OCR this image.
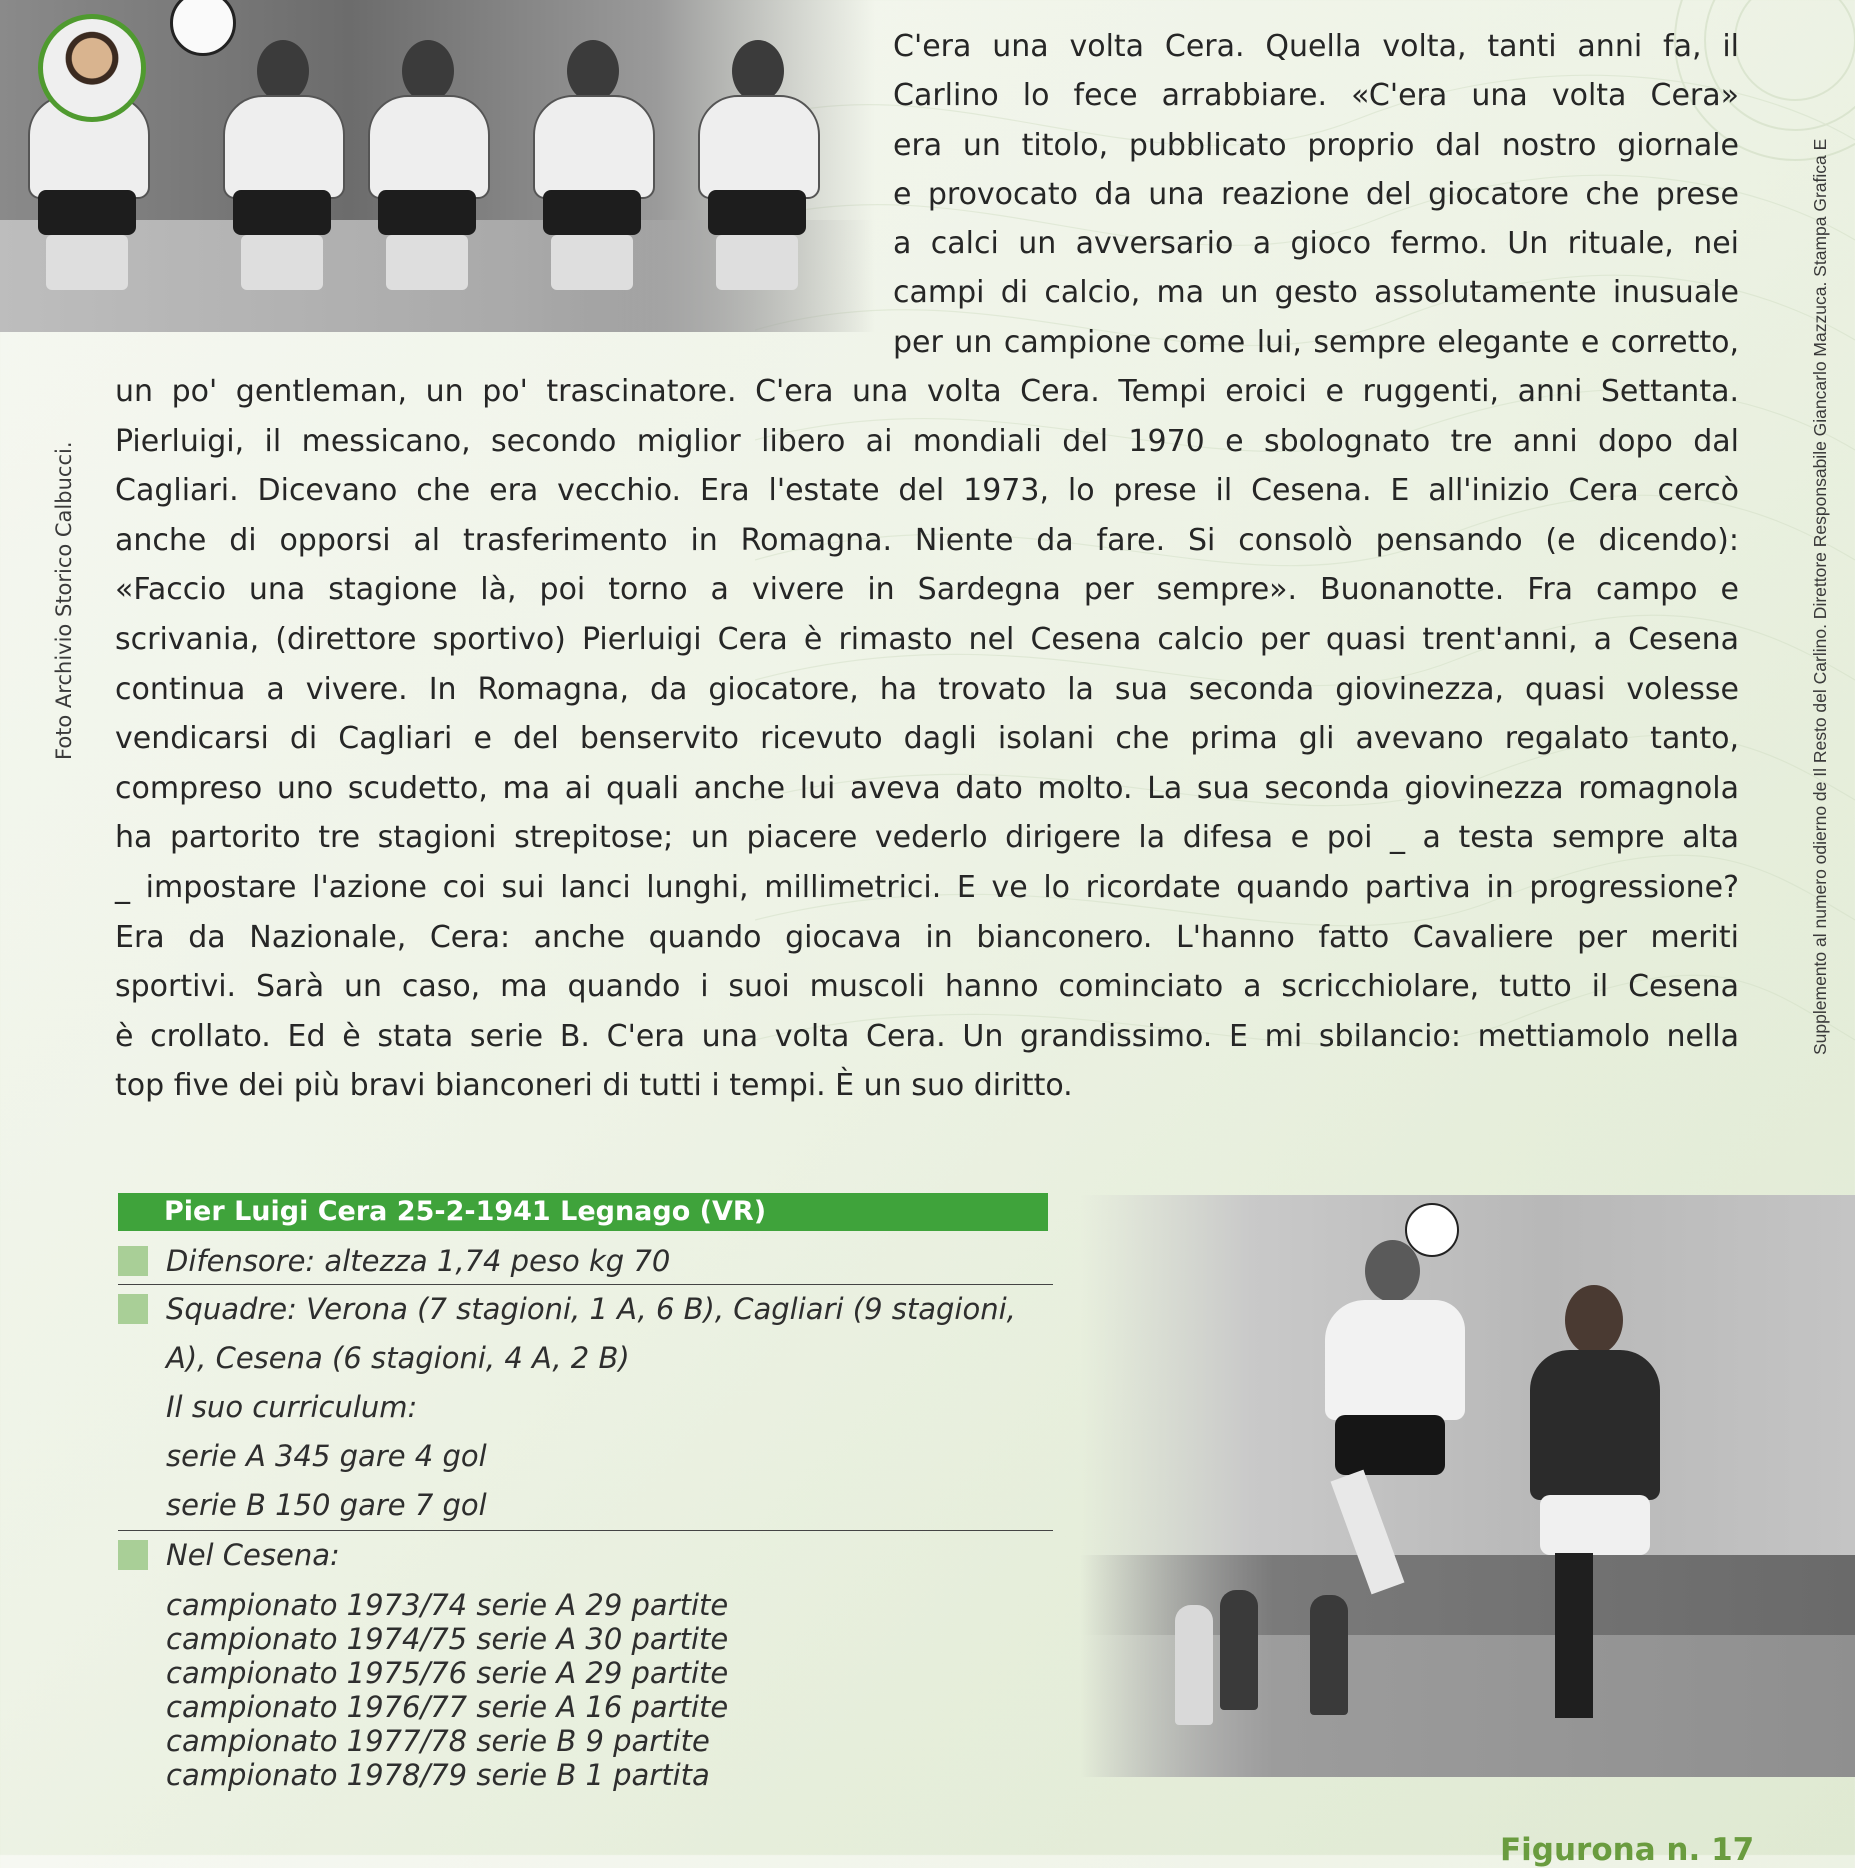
Foto Archivio Storico Calbucci.	Supplemento al numero odierno de Il Resto del Carlino. Direttore Responsabile Giancarlo Mazzuca. Stampa Grafica E

C'era una volta Cera. Quella volta, tanti anni fa, il
Carlino lo fece arrabbiare. «C'era una volta Cera»
era un titolo, pubblicato proprio dal nostro giornale
e provocato da una reazione del giocatore che prese
a calci un avversario a gioco fermo. Un rituale, nei
campi di calcio, ma un gesto assolutamente inusuale
per un campione come lui, sempre elegante e corretto,

un po' gentleman, un po' trascinatore. C'era una volta Cera. Tempi eroici e ruggenti, anni Settanta.
Pierluigi, il messicano, secondo miglior libero ai mondiali del 1970 e sbolognato tre anni dopo dal
Cagliari. Dicevano che era vecchio. Era l'estate del 1973, lo prese il Cesena. E all'inizio Cera cercò
anche di opporsi al trasferimento in Romagna. Niente da fare. Si consolò pensando (e dicendo):
«Faccio una stagione là, poi torno a vivere in Sardegna per sempre». Buonanotte. Fra campo e
scrivania, (direttore sportivo) Pierluigi Cera è rimasto nel Cesena calcio per quasi trent'anni, a Cesena
continua a vivere. In Romagna, da giocatore, ha trovato la sua seconda giovinezza, quasi volesse
vendicarsi di Cagliari e del benservito ricevuto dagli isolani che prima gli avevano regalato tanto,
compreso uno scudetto, ma ai quali anche lui aveva dato molto. La sua seconda giovinezza romagnola
ha partorito tre stagioni strepitose; un piacere vederlo dirigere la difesa e poi _ a testa sempre alta
_ impostare l'azione coi sui lanci lunghi, millimetrici. E ve lo ricordate quando partiva in progressione?
Era da Nazionale, Cera: anche quando giocava in bianconero. L'hanno fatto Cavaliere per meriti
sportivi. Sarà un caso, ma quando i suoi muscoli hanno cominciato a scricchiolare, tutto il Cesena
è crollato. Ed è stata serie B. C'era una volta Cera. Un grandissimo. E mi sbilancio: mettiamolo nella
top five dei più bravi bianconeri di tutti i tempi. È un suo diritto.

Pier Luigi Cera 25-2-1941 Legnago (VR)
Difensore: altezza 1,74 peso kg 70
Squadre: Verona (7 stagioni, 1 A, 6 B), Cagliari (9 stagioni,
A), Cesena (6 stagioni, 4 A, 2 B)
Il suo curriculum:
serie A 345 gare 4 gol
serie B 150 gare 7 gol
Nel Cesena:
campionato 1973/74 serie A 29 partite
campionato 1974/75 serie A 30 partite
campionato 1975/76 serie A 29 partite
campionato 1976/77 serie A 16 partite
campionato 1977/78 serie B 9 partite
campionato 1978/79 serie B 1 partita
Figurona n. 17
